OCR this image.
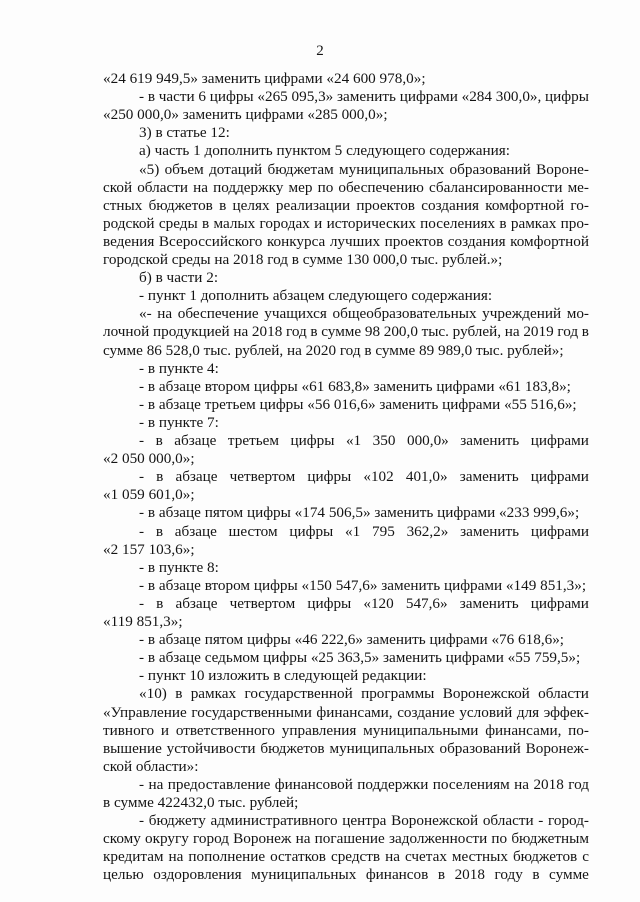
2
«24 619 949,5» заменить цифрами «24 600 978,0»;
- в части 6 цифры «265 095,3» заменить цифрами «284 300,0», цифры
«250 000,0» заменить цифрами «285 000,0»;
3) в статье 12:
а) часть 1 дополнить пунктом 5 следующего содержания:
«5) объем дотаций бюджетам муниципальных образований Вороне-
ской области на поддержку мер по обеспечению сбалансированности ме-
стных бюджетов в целях реализации проектов создания комфортной го-
родской среды в малых городах и исторических поселениях в рамках про-
ведения Всероссийского конкурса лучших проектов создания комфортной
городской среды на 2018 год в сумме 130 000,0 тыс. рублей.»;
б) в части 2:
- пункт 1 дополнить абзацем следующего содержания:
«- на обеспечение учащихся общеобразовательных учреждений мо-
лочной продукцией на 2018 год в сумме 98 200,0 тыс. рублей, на 2019 год в
сумме 86 528,0 тыс. рублей, на 2020 год в сумме 89 989,0 тыс. рублей»;
- в пункте 4:
- в абзаце втором цифры «61 683,8» заменить цифрами «61 183,8»;
- в абзаце третьем цифры «56 016,6» заменить цифрами «55 516,6»;
- в пункте 7:
- в абзаце третьем цифры «1 350 000,0» заменить цифрами
«2 050 000,0»;
- в абзаце четвертом цифры «102 401,0» заменить цифрами
«1 059 601,0»;
- в абзаце пятом цифры «174 506,5» заменить цифрами «233 999,6»;
- в абзаце шестом цифры «1 795 362,2» заменить цифрами
«2 157 103,6»;
- в пункте 8:
- в абзаце втором цифры «150 547,6» заменить цифрами «149 851,3»;
- в абзаце четвертом цифры «120 547,6» заменить цифрами
«119 851,3»;
- в абзаце пятом цифры «46 222,6» заменить цифрами «76 618,6»;
- в абзаце седьмом цифры «25 363,5» заменить цифрами «55 759,5»;
- пункт 10 изложить в следующей редакции:
«10) в рамках государственной программы Воронежской области
«Управление государственными финансами, создание условий для эффек-
тивного и ответственного управления муниципальными финансами, по-
вышение устойчивости бюджетов муниципальных образований Воронеж-
ской области»:
- на предоставление финансовой поддержки поселениям на 2018 год
в сумме 422432,0 тыс. рублей;
- бюджету административного центра Воронежской области - город-
скому округу город Воронеж на погашение задолженности по бюджетным
кредитам на пополнение остатков средств на счетах местных бюджетов с
целью оздоровления муниципальных финансов в 2018 году в сумме
